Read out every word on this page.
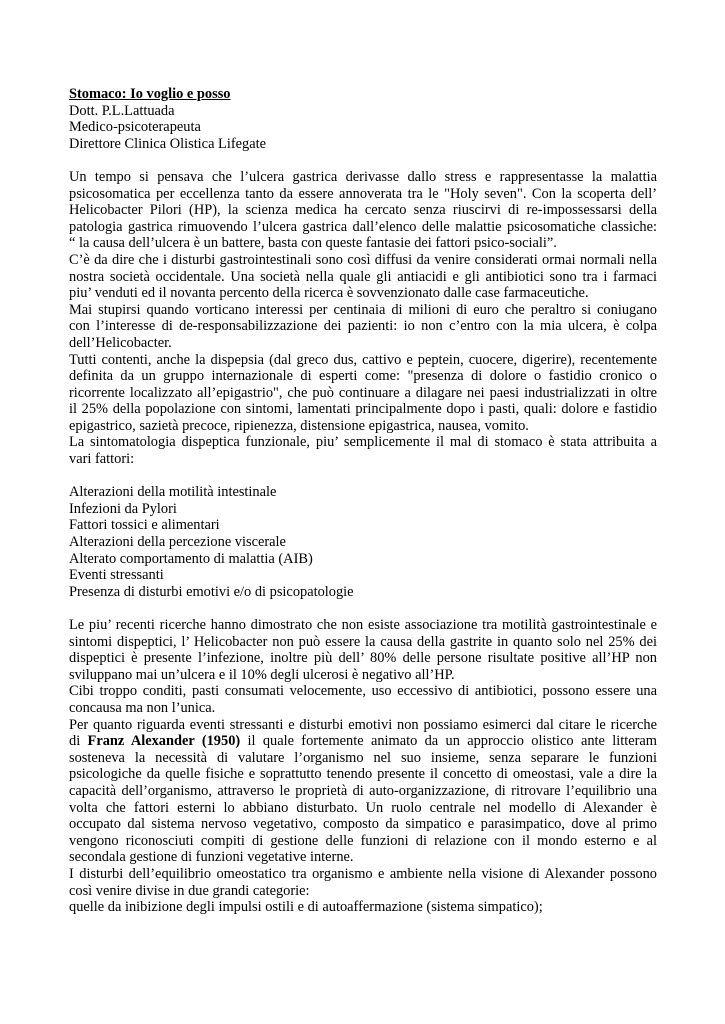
Stomaco: Io voglio e posso
Dott. P.L.Lattuada
Medico-psicoterapeuta
Direttore Clinica Olistica Lifegate
Un tempo si pensava che l’ulcera gastrica derivasse dallo stress e rappresentasse la malattia
psicosomatica per eccellenza tanto da essere annoverata tra le "Holy seven". Con la scoperta dell’
Helicobacter Pilori (HP), la scienza medica ha cercato senza riuscirvi di re-impossessarsi della
patologia gastrica rimuovendo l’ulcera gastrica dall’elenco delle malattie psicosomatiche classiche:
“ la causa dell’ulcera è un battere, basta con queste fantasie dei fattori psico-sociali”.
C’è da dire che i disturbi gastrointestinali sono così diffusi da venire considerati ormai normali nella
nostra società occidentale. Una società nella quale gli antiacidi e gli antibiotici sono tra i farmaci
piu’ venduti ed il novanta percento della ricerca è sovvenzionato dalle case farmaceutiche.
Mai stupirsi quando vorticano interessi per centinaia di milioni di euro che peraltro si coniugano
con l’interesse di de-responsabilizzazione dei pazienti: io non c’entro con la mia ulcera, è colpa
dell’Helicobacter.
Tutti contenti, anche la dispepsia (dal greco dus, cattivo e peptein, cuocere, digerire), recentemente
definita da un gruppo internazionale di esperti come: "presenza di dolore o fastidio cronico o
ricorrente localizzato all’epigastrio", che può continuare a dilagare nei paesi industrializzati in oltre
il 25% della popolazione con sintomi, lamentati principalmente dopo i pasti, quali: dolore e fastidio
epigastrico, sazietà precoce, ripienezza, distensione epigastrica, nausea, vomito.
La sintomatologia dispeptica funzionale, piu’ semplicemente il mal di stomaco è stata attribuita a
vari fattori:
Alterazioni della motilità intestinale
Infezioni da Pylori
Fattori tossici e alimentari
Alterazioni della percezione viscerale
Alterato comportamento di malattia (AIB)
Eventi stressanti
Presenza di disturbi emotivi e/o di psicopatologie
Le piu’ recenti ricerche hanno dimostrato che non esiste associazione tra motilità gastrointestinale e
sintomi dispeptici, l’ Helicobacter non può essere la causa della gastrite in quanto solo nel 25% dei
dispeptici è presente l’infezione, inoltre più dell’ 80% delle persone risultate positive all’HP non
sviluppano mai un’ulcera e il 10% degli ulcerosi è negativo all’HP.
Cibi troppo conditi, pasti consumati velocemente, uso eccessivo di antibiotici, possono essere una
concausa ma non l’unica.
Per quanto riguarda eventi stressanti e disturbi emotivi non possiamo esimerci dal citare le ricerche
di Franz Alexander (1950) il quale fortemente animato da un approccio olistico ante litteram
sosteneva la necessità di valutare l’organismo nel suo insieme, senza separare le funzioni
psicologiche da quelle fisiche e soprattutto tenendo presente il concetto di omeostasi, vale a dire la
capacità dell’organismo, attraverso le proprietà di auto-organizzazione, di ritrovare l’equilibrio una
volta che fattori esterni lo abbiano disturbato. Un ruolo centrale nel modello di Alexander è
occupato dal sistema nervoso vegetativo, composto da simpatico e parasimpatico, dove al primo
vengono riconosciuti compiti di gestione delle funzioni di relazione con il mondo esterno e al
secondala gestione di funzioni vegetative interne.
I disturbi dell’equilibrio omeostatico tra organismo e ambiente nella visione di Alexander possono
così venire divise in due grandi categorie:
quelle da inibizione degli impulsi ostili e di autoaffermazione (sistema simpatico);
